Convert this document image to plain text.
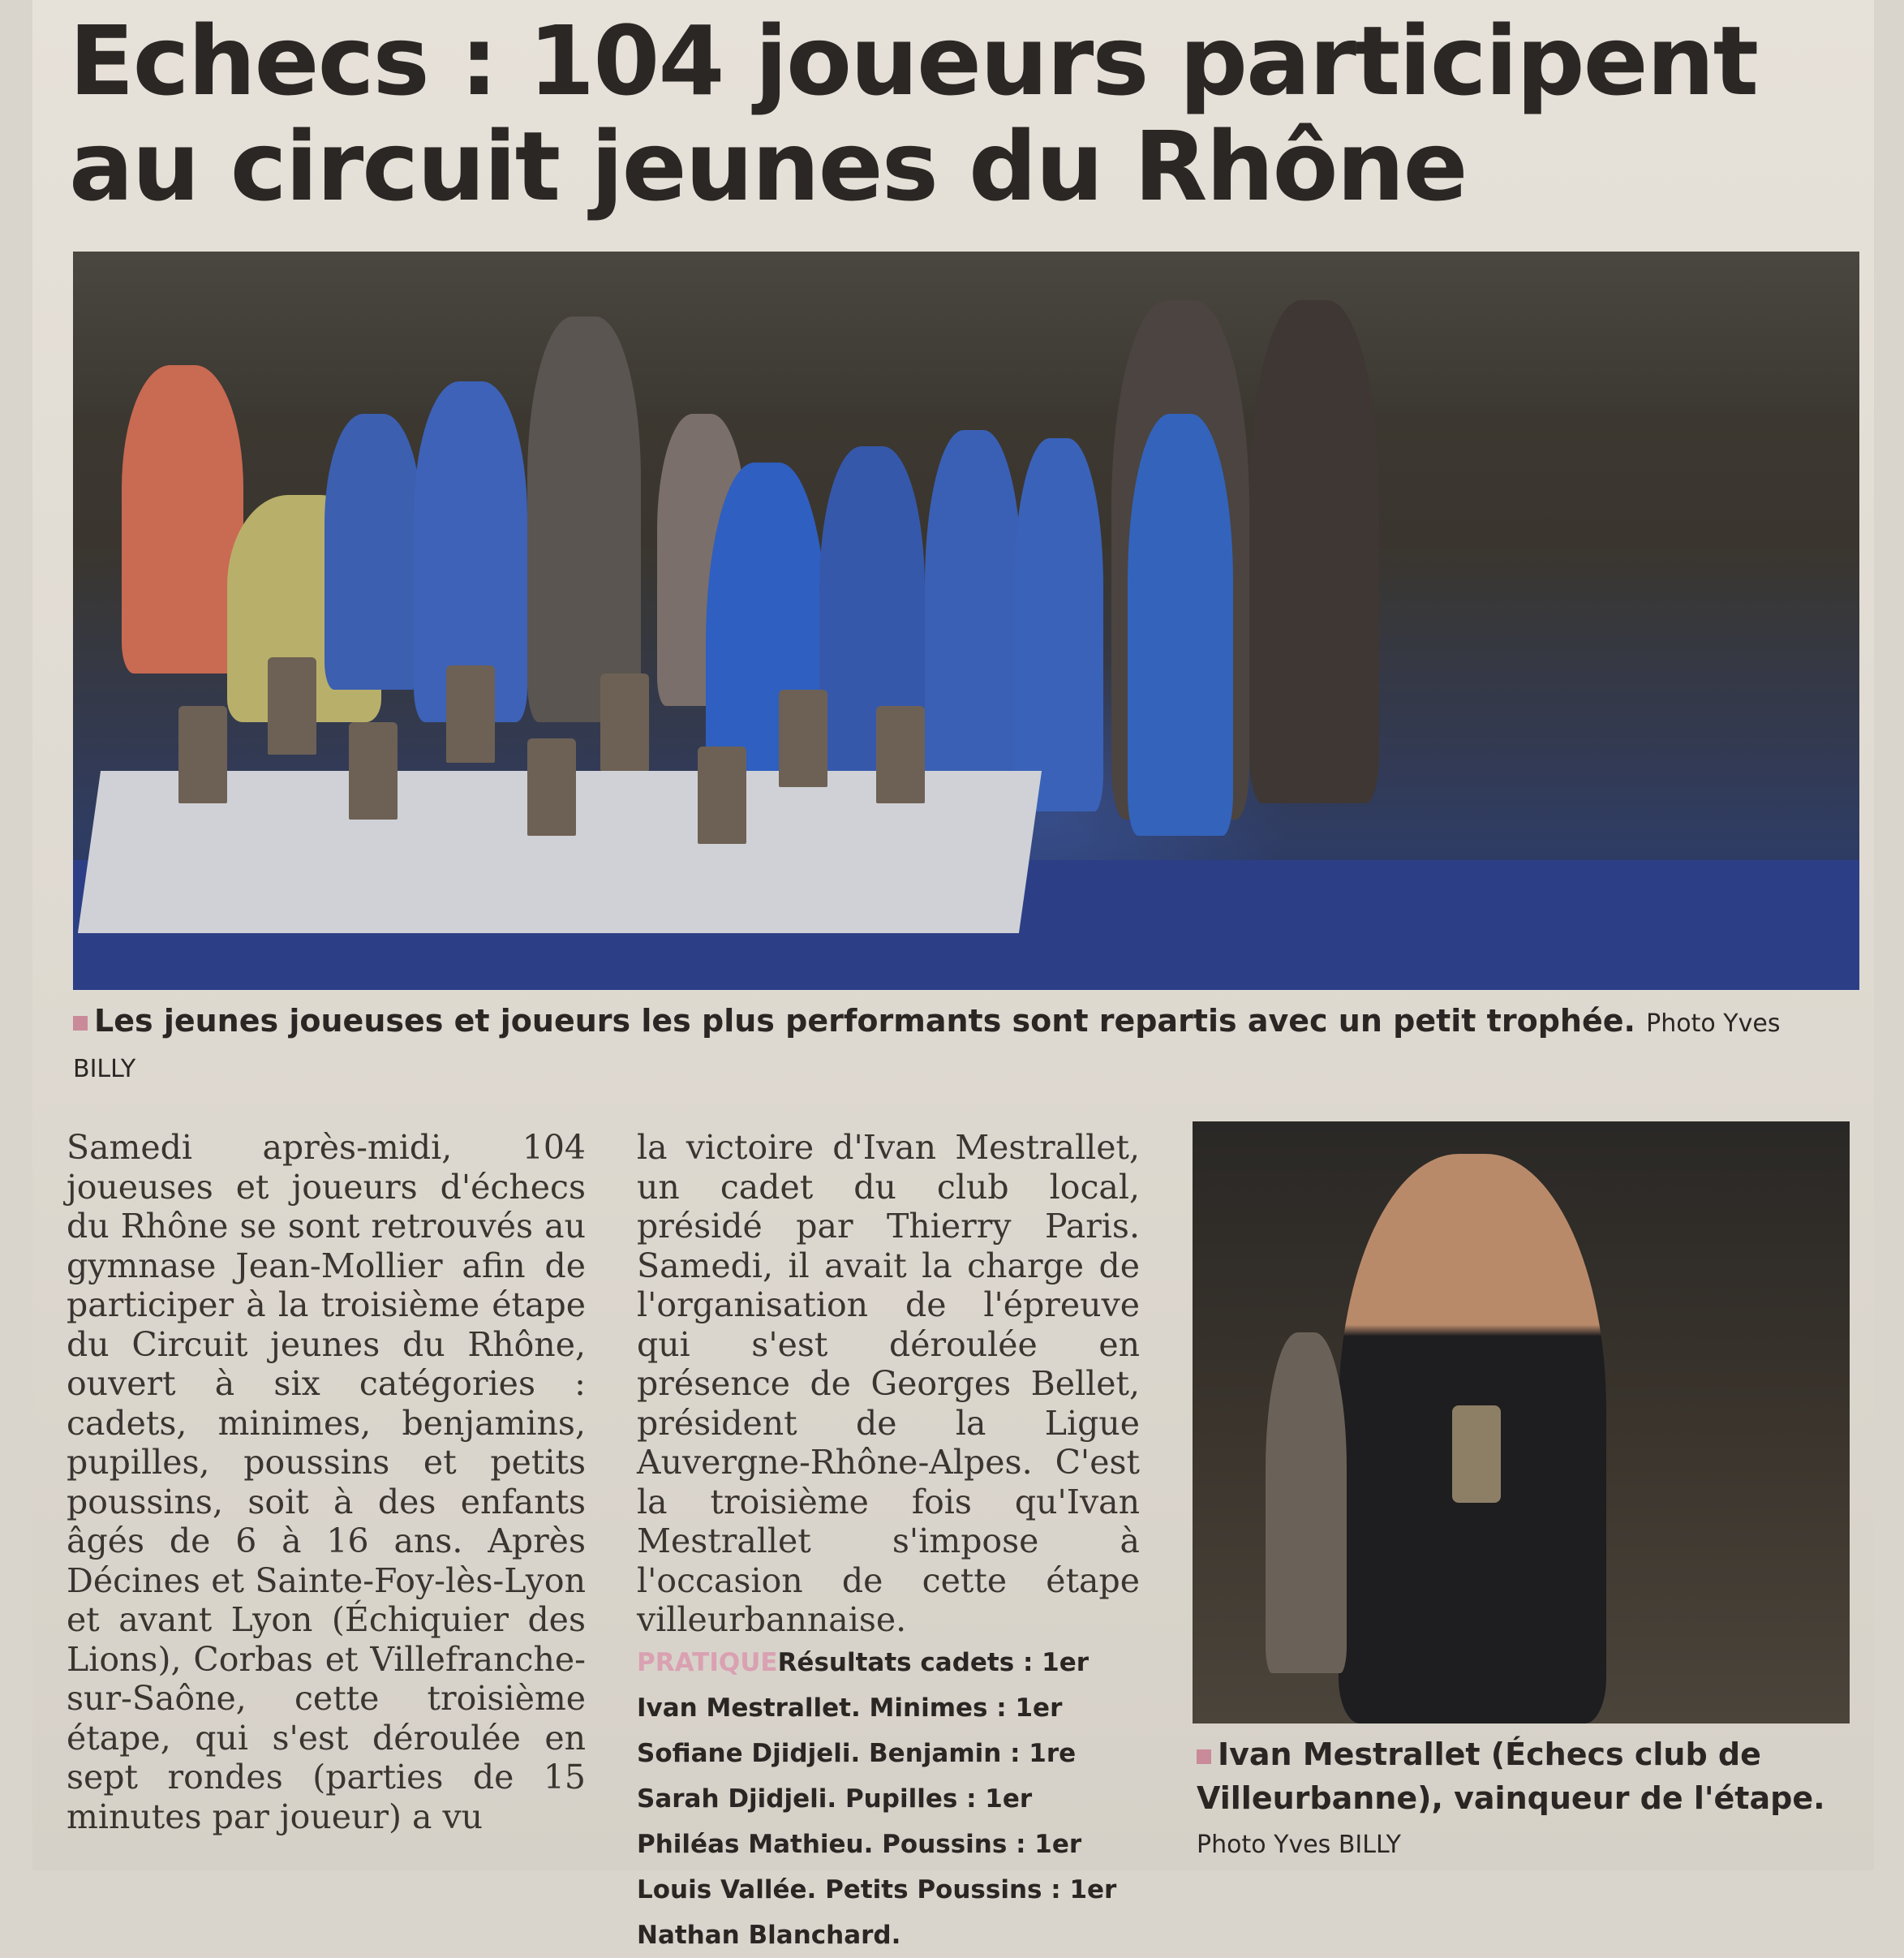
Echecs : 104 joueurs participent
au circuit jeunes du Rhône
Les jeunes joueuses et joueurs les plus performants sont repartis avec un petit trophée. Photo Yves BILLY

Samedi après-midi, 104 joueuses et joueurs d'échecs du Rhône se sont retrouvés au gymnase Jean-Mollier afin de participer à la troisième étape du Circuit jeunes du Rhône, ouvert à six catégories : cadets, minimes, benjamins, pupilles, poussins et petits poussins, soit à des enfants âgés de 6 à 16 ans. Après Décines et Sainte-Foy-lès-Lyon et avant Lyon (Échiquier des Lions), Corbas et Villefranche-sur-Saône, cette troisième étape, qui s'est déroulée en sept rondes (parties de 15 minutes par joueur) a vu

la victoire d'Ivan Mestrallet, un cadet du club local, présidé par Thierry Paris. Samedi, il avait la charge de l'organisation de l'épreuve qui s'est déroulée en présence de Georges Bellet, président de la Ligue Auvergne-Rhône-Alpes. C'est la troisième fois qu'Ivan Mestrallet s'impose à l'occasion de cette étape villeurbannaise.

PRATIQUERésultats cadets : 1er Ivan Mestrallet. Minimes : 1er Sofiane Djidjeli. Benjamin : 1re Sarah Djidjeli. Pupilles : 1er Philéas Mathieu. Poussins : 1er Louis Vallée. Petits Poussins : 1er Nathan Blanchard.

Ivan Mestrallet (Échecs club de Villeurbanne), vainqueur de l'étape. Photo Yves BILLY
